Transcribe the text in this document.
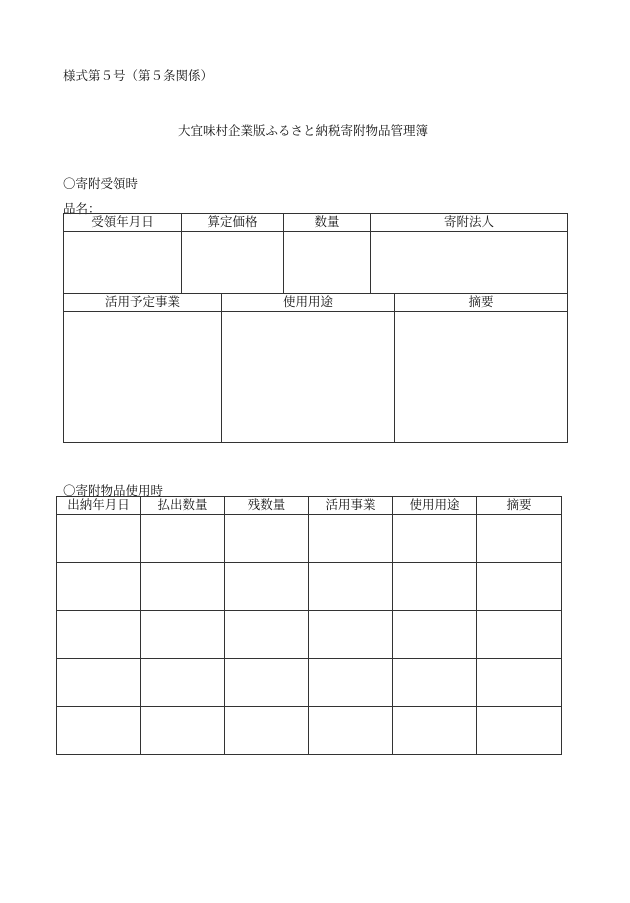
様式第５号（第５条関係）
大宜味村企業版ふるさと納税寄附物品管理簿
〇寄附受領時
品名：
受領年月日	算定価格	数量	寄附法人

活用予定事業	使用用途	摘要

〇寄附物品使用時
出納年月日	払出数量	残数量	活用事業	使用用途	摘要
